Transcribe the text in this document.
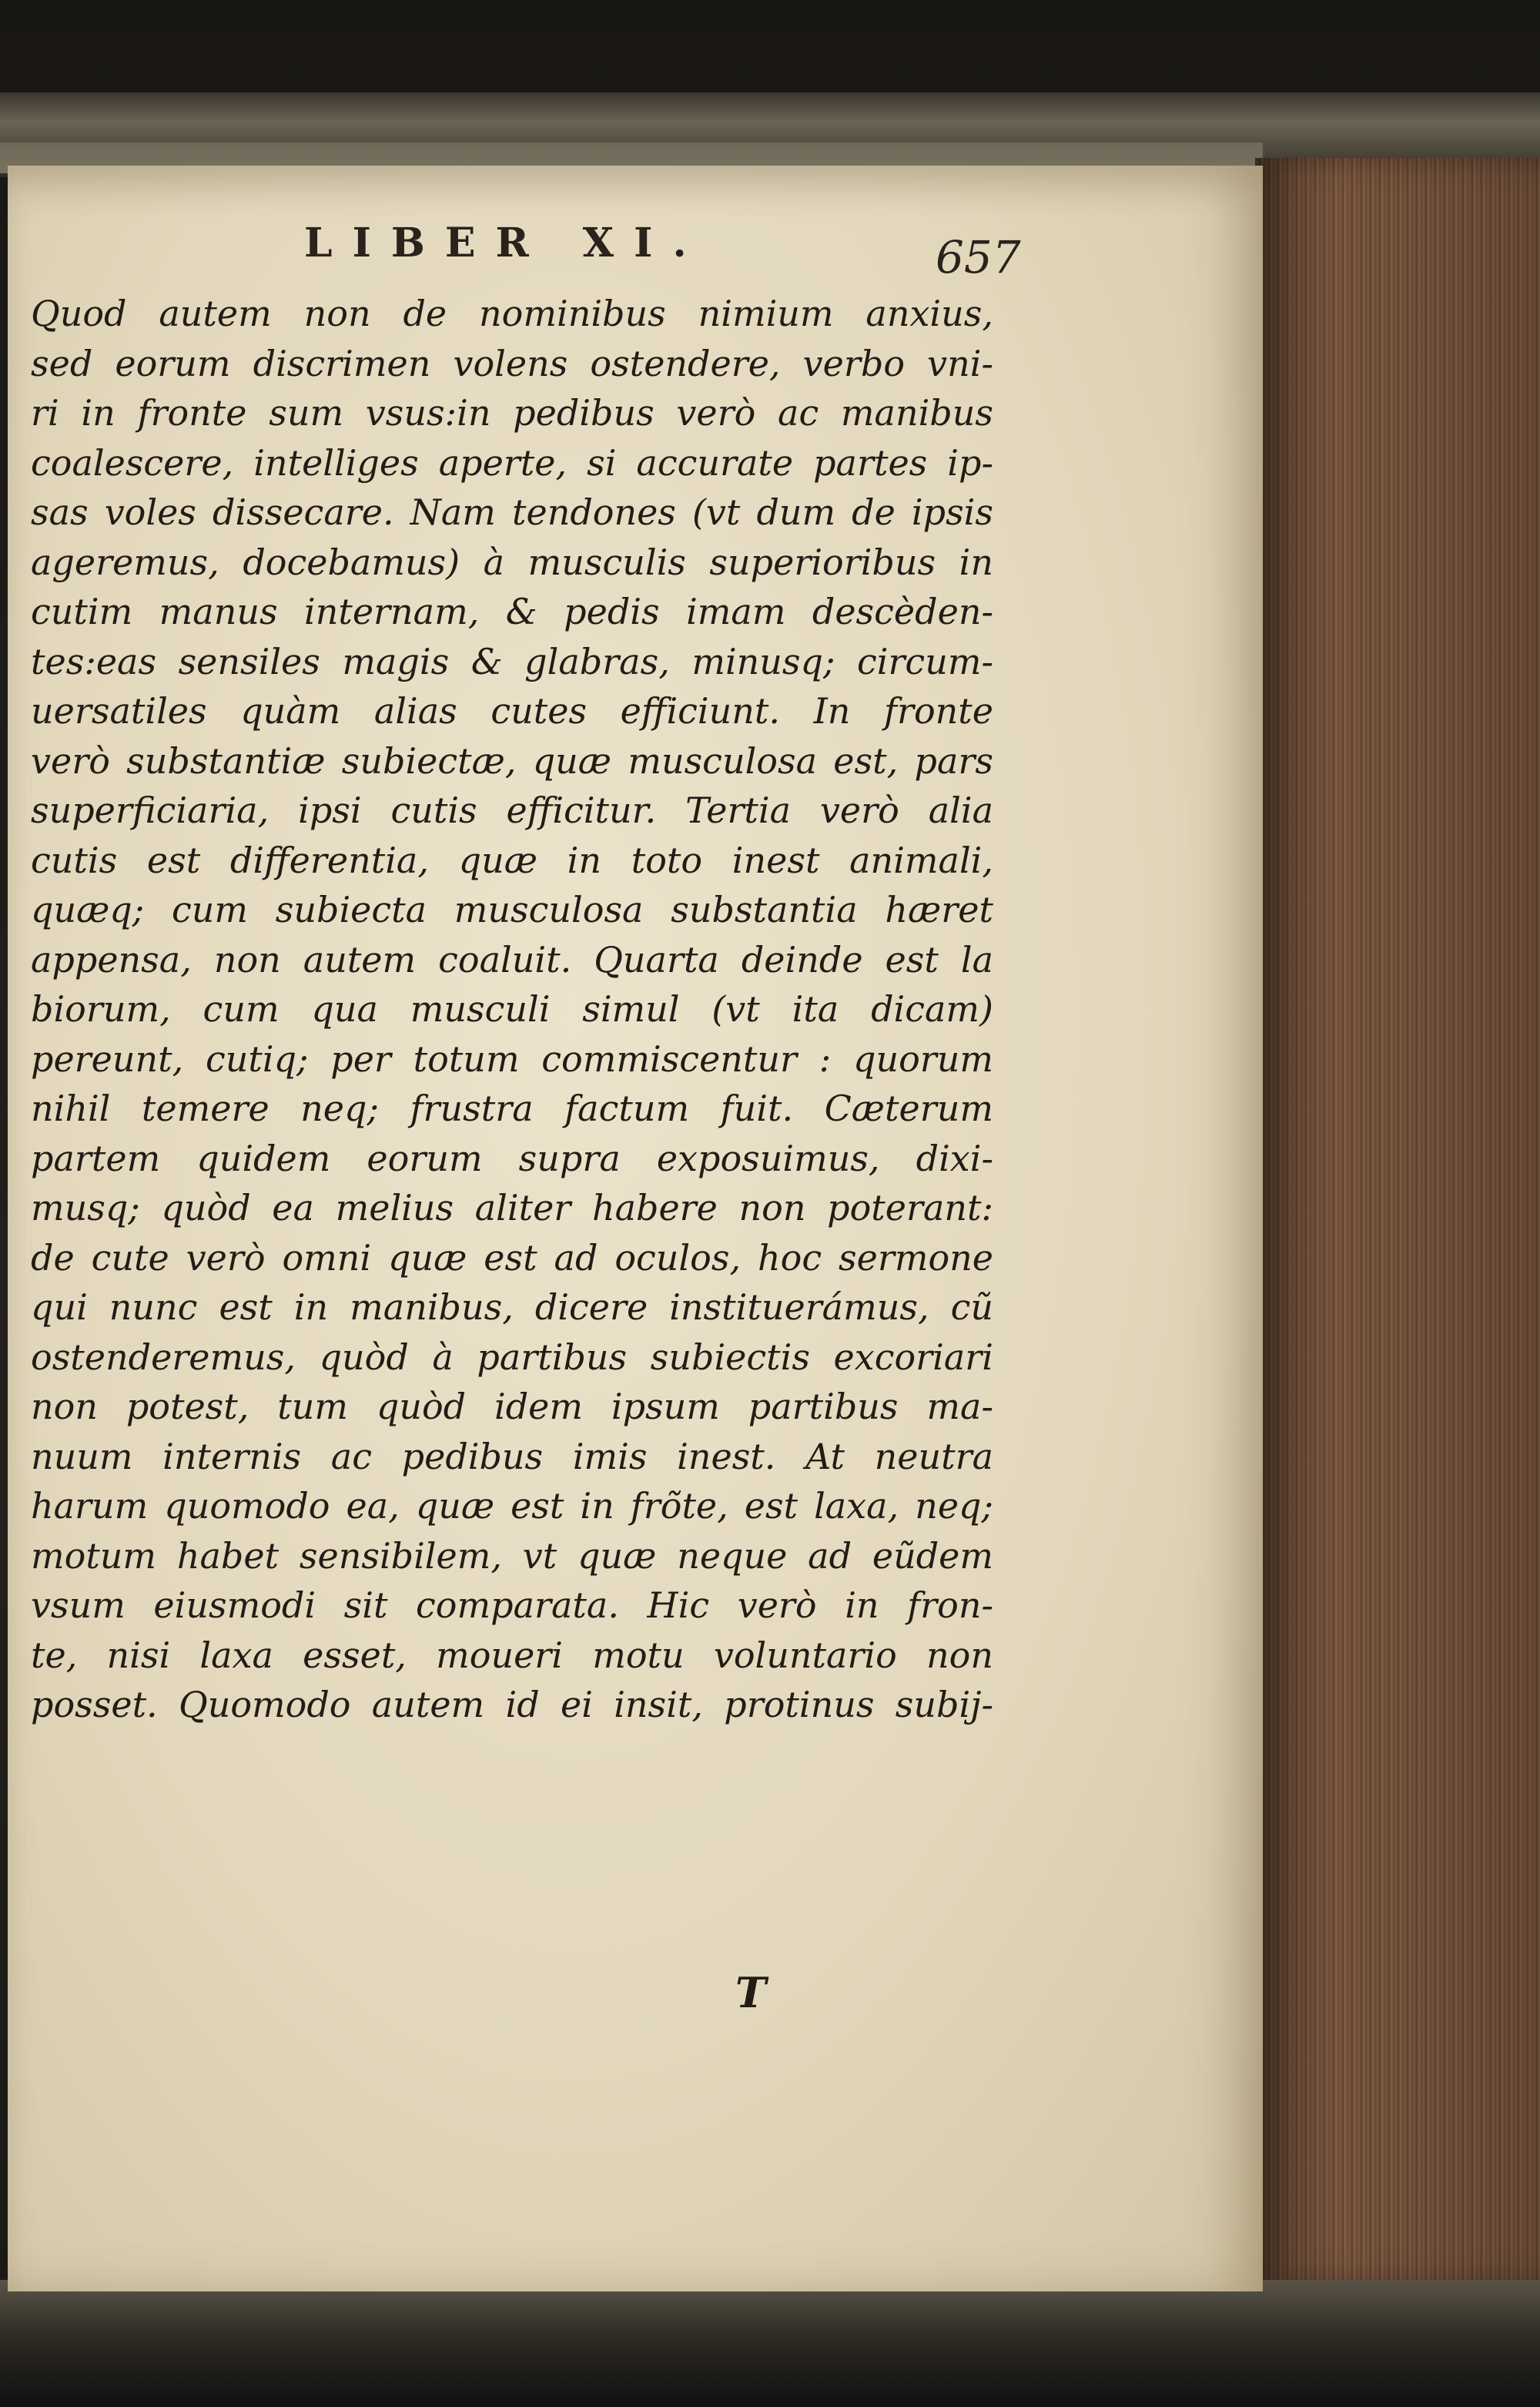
LIBER XI.	657
Quod autem non de nominibus nimium anxius,
sed eorum discrimen volens ostendere, verbo vni-
ri in fronte sum vsus:in pedibus verò ac manibus
coalescere, intelliges aperte, si accurate partes ip-
sas voles dissecare. Nam tendones (vt dum de ipsis
ageremus, docebamus) à musculis superioribus in
cutim manus internam, & pedis imam descèden-
tes:eas sensiles magis & glabras, minusq; circum-
uersatiles quàm alias cutes efficiunt. In fronte
verò substantiæ subiectæ, quæ musculosa est, pars
superficiaria, ipsi cutis efficitur. Tertia verò alia
cutis est differentia, quæ in toto inest animali,
quæq; cum subiecta musculosa substantia hæret
appensa, non autem coaluit. Quarta deinde est la
biorum, cum qua musculi simul (vt ita dicam)
pereunt, cutiq; per totum commiscentur : quorum
nihil temere neq; frustra factum fuit. Cæterum
partem quidem eorum supra exposuimus, dixi-
musq; quòd ea melius aliter habere non poterant:
de cute verò omni quæ est ad oculos, hoc sermone
qui nunc est in manibus, dicere instituerámus, cũ
ostenderemus, quòd à partibus subiectis excoriari
non potest, tum quòd idem ipsum partibus ma-
nuum internis ac pedibus imis inest. At neutra
harum quomodo ea, quæ est in frõte, est laxa, neq;
motum habet sensibilem, vt quæ neque ad eũdem
vsum eiusmodi sit comparata. Hic verò in fron-
te, nisi laxa esset, moueri motu voluntario non
posset. Quomodo autem id ei insit, protinus subij-
T
